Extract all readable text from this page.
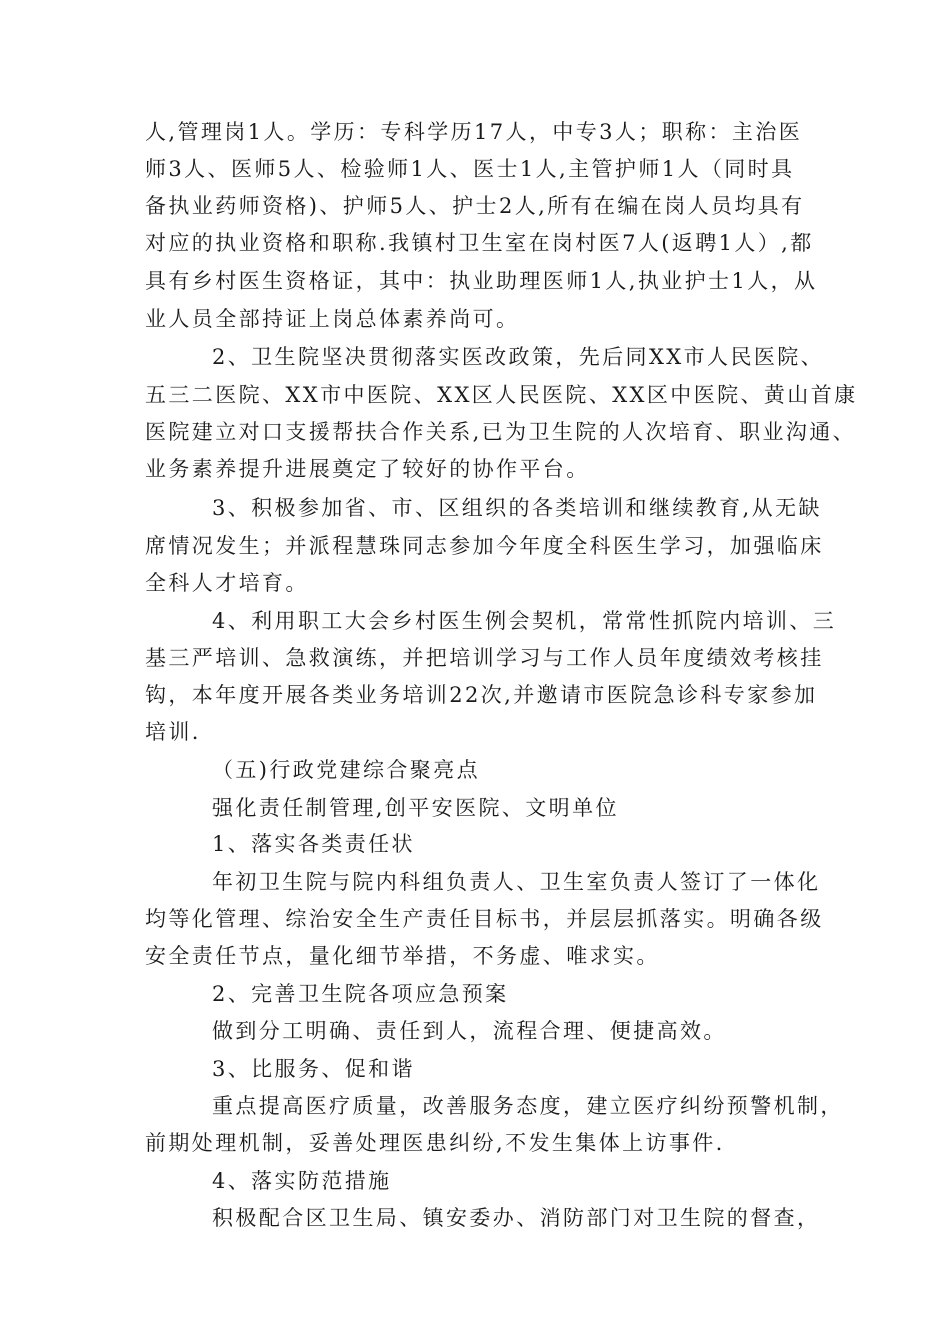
人,管理岗1人。学历：专科学历17人，中专3人；职称：主治医
师3人、医师5人、检验师1人、医士1人,主管护师1人（同时具
备执业药师资格)、护师5人、护士2人,所有在编在岗人员均具有
对应的执业资格和职称.我镇村卫生室在岗村医7人(返聘1人）,都
具有乡村医生资格证，其中：执业助理医师1人,执业护士1人，从
业人员全部持证上岗总体素养尚可。
2、卫生院坚决贯彻落实医改政策，先后同XX市人民医院、
五三二医院、XX市中医院、XX区人民医院、XX区中医院、黄山首康
医院建立对口支援帮扶合作关系,已为卫生院的人次培育、职业沟通、
业务素养提升进展奠定了较好的协作平台。
3、积极参加省、市、区组织的各类培训和继续教育,从无缺
席情况发生；并派程慧珠同志参加今年度全科医生学习，加强临床
全科人才培育。
4、利用职工大会乡村医生例会契机，常常性抓院内培训、三
基三严培训、急救演练，并把培训学习与工作人员年度绩效考核挂
钩，本年度开展各类业务培训22次,并邀请市医院急诊科专家参加
培训.
（五)行政党建综合聚亮点
强化责任制管理,创平安医院、文明单位
1、落实各类责任状
年初卫生院与院内科组负责人、卫生室负责人签订了一体化
均等化管理、综治安全生产责任目标书，并层层抓落实。明确各级
安全责任节点，量化细节举措，不务虚、唯求实。
2、完善卫生院各项应急预案
做到分工明确、责任到人，流程合理、便捷高效。
3、比服务、促和谐
重点提高医疗质量，改善服务态度，建立医疗纠纷预警机制，
前期处理机制，妥善处理医患纠纷,不发生集体上访事件.
4、落实防范措施
积极配合区卫生局、镇安委办、消防部门对卫生院的督查，
